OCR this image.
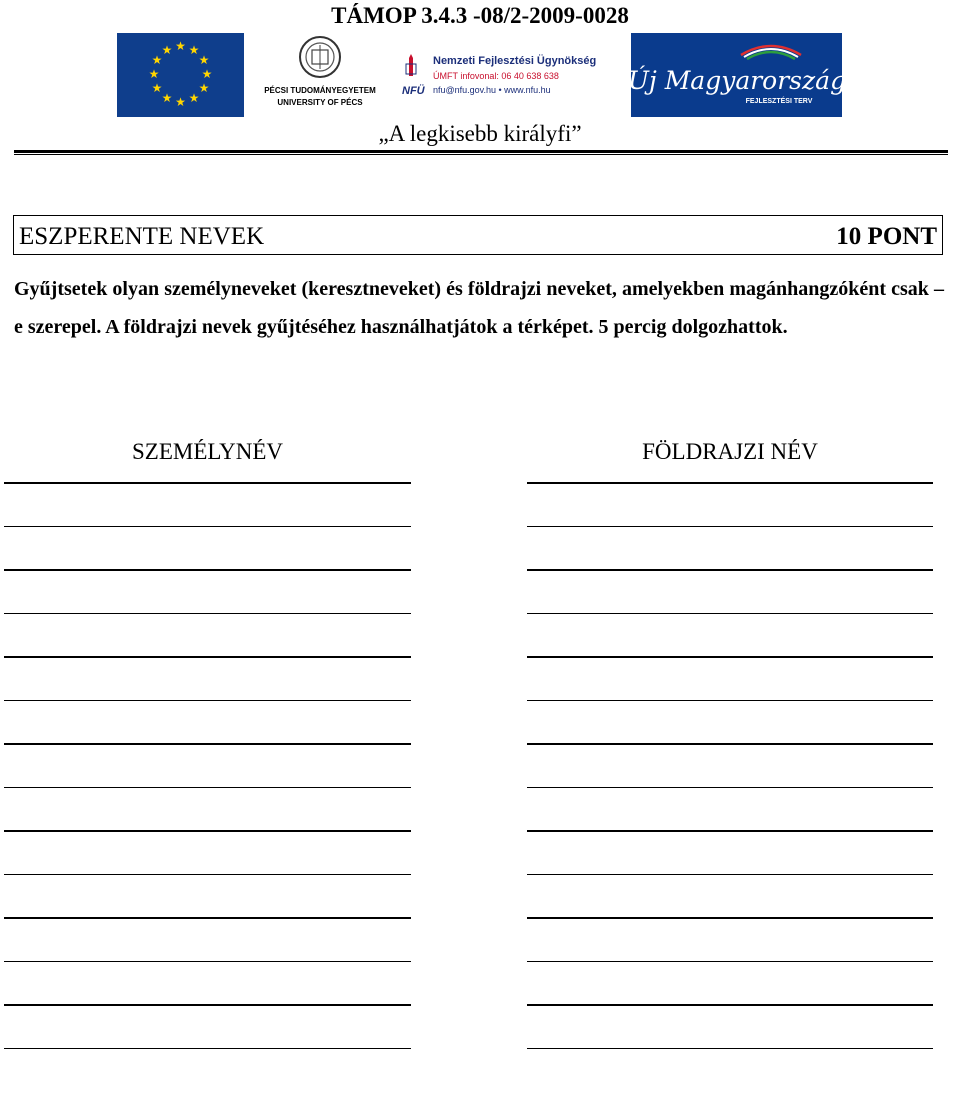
TÁMOP 3.4.3 -08/2-2009-0028
★ ★
★
★
★
★
★
★
★
★
★
★
PÉCSI TUDOMÁNYEGYETEM
UNIVERSITY OF PÉCS
NFÜ
Nemzeti Fejlesztési Ügynökség
ÚMFT infovonal: 06 40 638 638
nfu@nfu.gov.hu • www.nfu.hu	Új Magyarország
FEJLESZTÉSI TERV
„A legkisebb királyfi”
ESZPERENTE NEVEK	10 PONT

Gyűjtsetek olyan személyneveket (keresztneveket) és földrajzi neveket, amelyekben magánhangzóként csak –e szerepel. A földrajzi nevek gyűjtéséhez használhatjátok a térképet. 5 percig dolgozhattok.

SZEMÉLYNÉV	FÖLDRAJZI NÉV
